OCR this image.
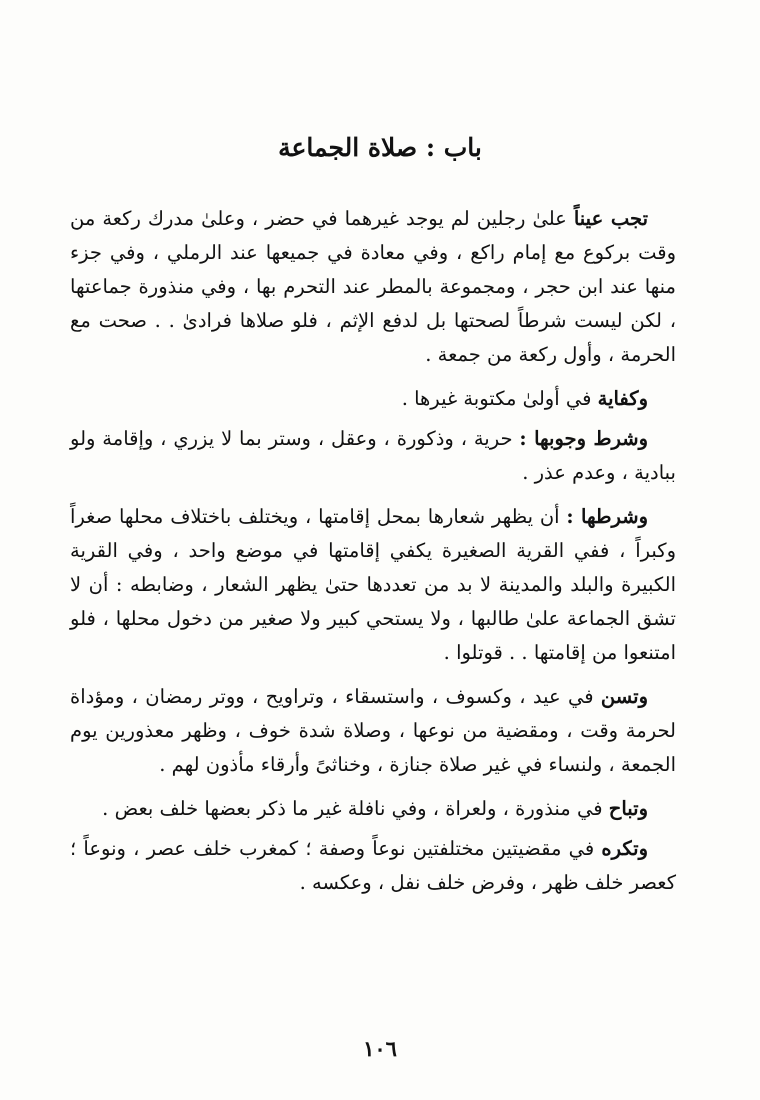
باب : صلاة الجماعة

تجب عيناً علىٰ رجلين لم يوجد غيرهما في حضر ، وعلىٰ مدرك ركعة من وقت بركوع مع إمام راكع ، وفي معادة في جميعها عند الرملي ، وفي جزء منها عند ابن حجر ، ومجموعة بالمطر عند التحرم بها ، وفي منذورة جماعتها ، لكن ليست شرطاً لصحتها بل لدفع الإثم ، فلو صلاها فرادىٰ . . صحت مع الحرمة ، وأول ركعة من جمعة .

وكفاية في أولىٰ مكتوبة غيرها .

وشرط وجوبها : حرية ، وذكورة ، وعقل ، وستر بما لا يزري ، وإقامة ولو ببادية ، وعدم عذر .

وشرطها : أن يظهر شعارها بمحل إقامتها ، ويختلف باختلاف محلها صغراً وكبراً ، ففي القرية الصغيرة يكفي إقامتها في موضع واحد ، وفي القرية الكبيرة والبلد والمدينة لا بد من تعددها حتىٰ يظهر الشعار ، وضابطه : أن لا تشق الجماعة علىٰ طالبها ، ولا يستحي كبير ولا صغير من دخول محلها ، فلو امتنعوا من إقامتها . . قوتلوا .

وتسن في عيد ، وكسوف ، واستسقاء ، وتراويح ، ووتر رمضان ، ومؤداة لحرمة وقت ، ومقضية من نوعها ، وصلاة شدة خوف ، وظهر معذورين يوم الجمعة ، ولنساء في غير صلاة جنازة ، وخناثىً وأرقاء مأذون لهم .

وتباح في منذورة ، ولعراة ، وفي نافلة غير ما ذكر بعضها خلف بعض .

وتكره في مقضيتين مختلفتين نوعاً وصفة ؛ كمغرب خلف عصر ، ونوعاً ؛ كعصر خلف ظهر ، وفرض خلف نفل ، وعكسه .

١٠٦
